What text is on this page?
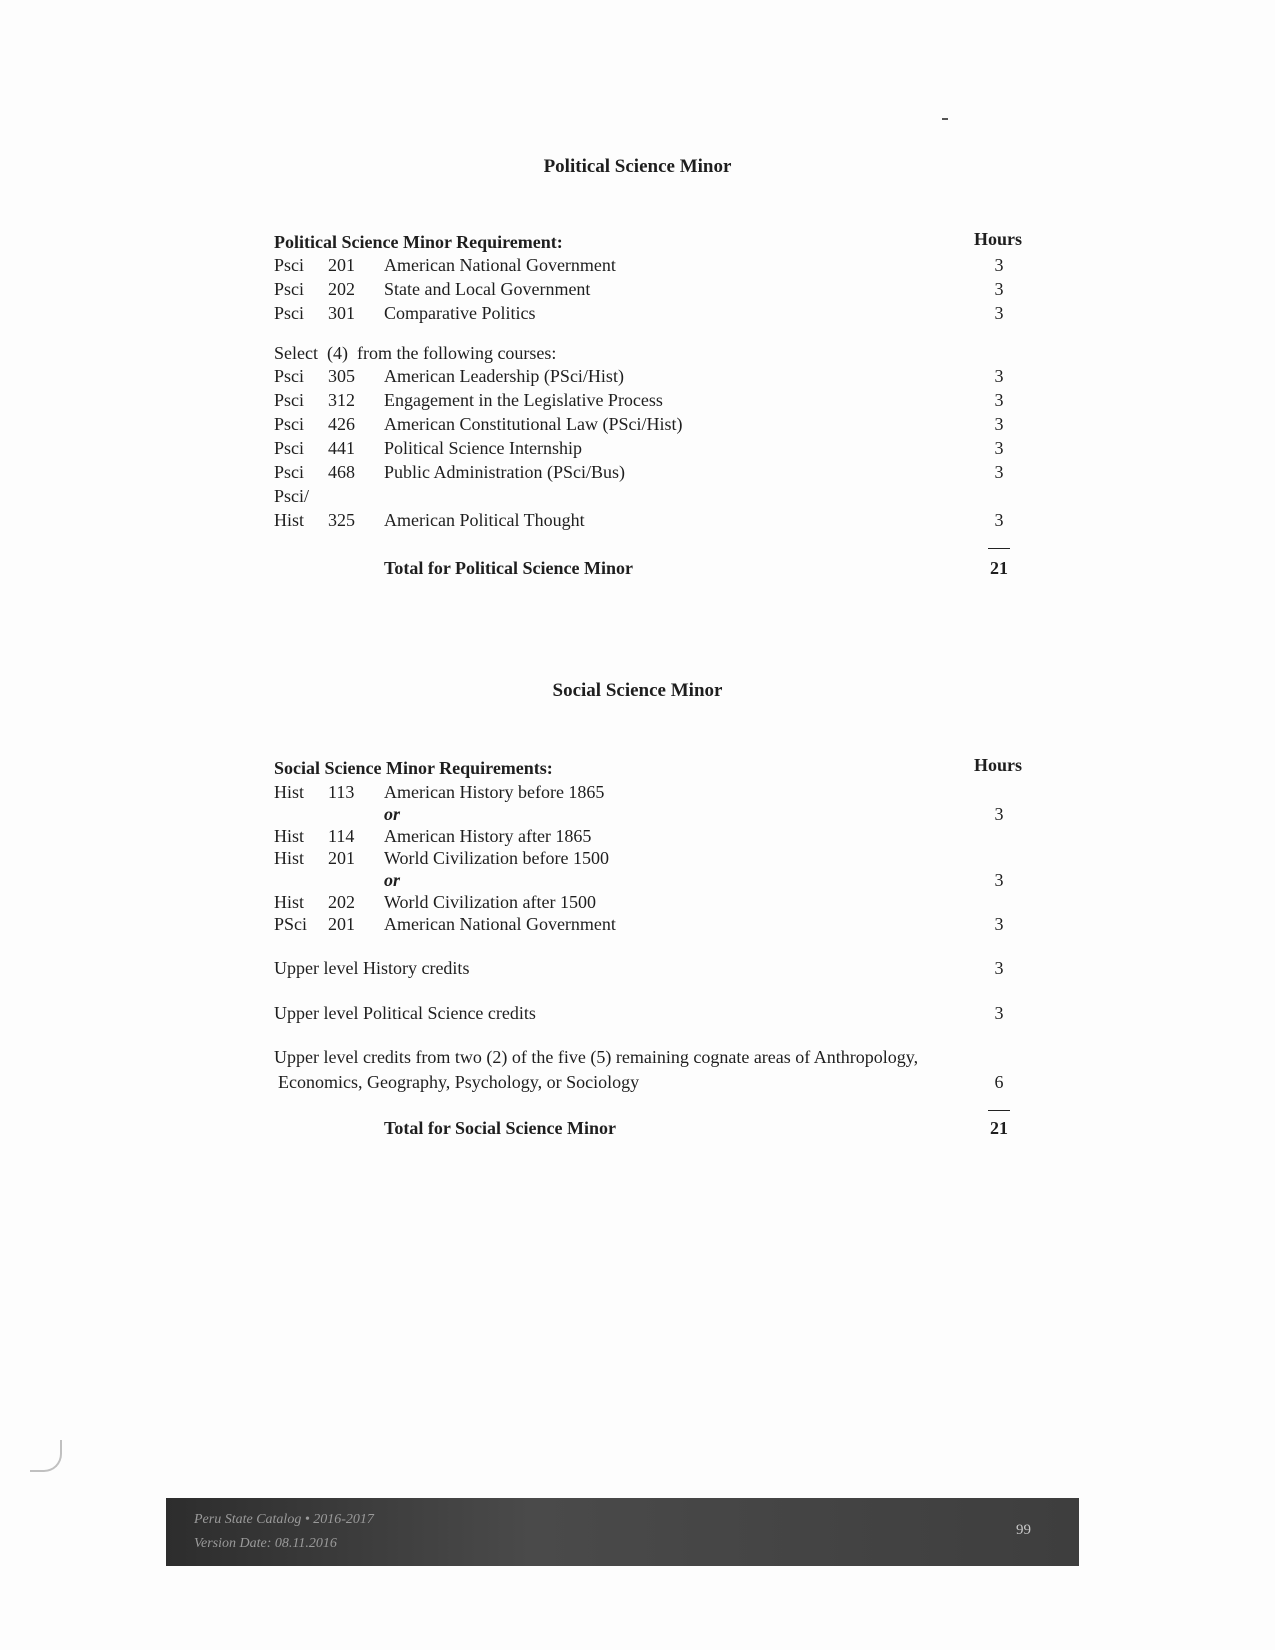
Political Science Minor
Political Science Minor Requirement:	Hours
Psci 201 American National Government	3
Psci 202 State and Local Government	3
Psci 301 Comparative Politics	3
Select  (4)  from the following courses:
Psci 305 American Leadership (PSci/Hist)	3
Psci 312 Engagement in the Legislative Process	3
Psci 426 American Constitutional Law (PSci/Hist)	3
Psci 441 Political Science Internship	3
Psci 468 Public Administration (PSci/Bus)	3
Psci/
Hist 325 American Political Thought	3
Total for Political Science Minor	21
Social Science Minor
Social Science Minor Requirements:	Hours
Hist 113 American History before 1865
or	3
Hist 114 American History after 1865
Hist 201 World Civilization before 1500
or	3
Hist 202 World Civilization after 1500
PSci 201 American National Government	3
Upper level History credits	3
Upper level Political Science credits	3
Upper level credits from two (2) of the five (5) remaining cognate areas of Anthropology,
Economics, Geography, Psychology, or Sociology	6
Total for Social Science Minor	21
Peru State Catalog • 2016-2017
Version Date: 08.11.2016
99
